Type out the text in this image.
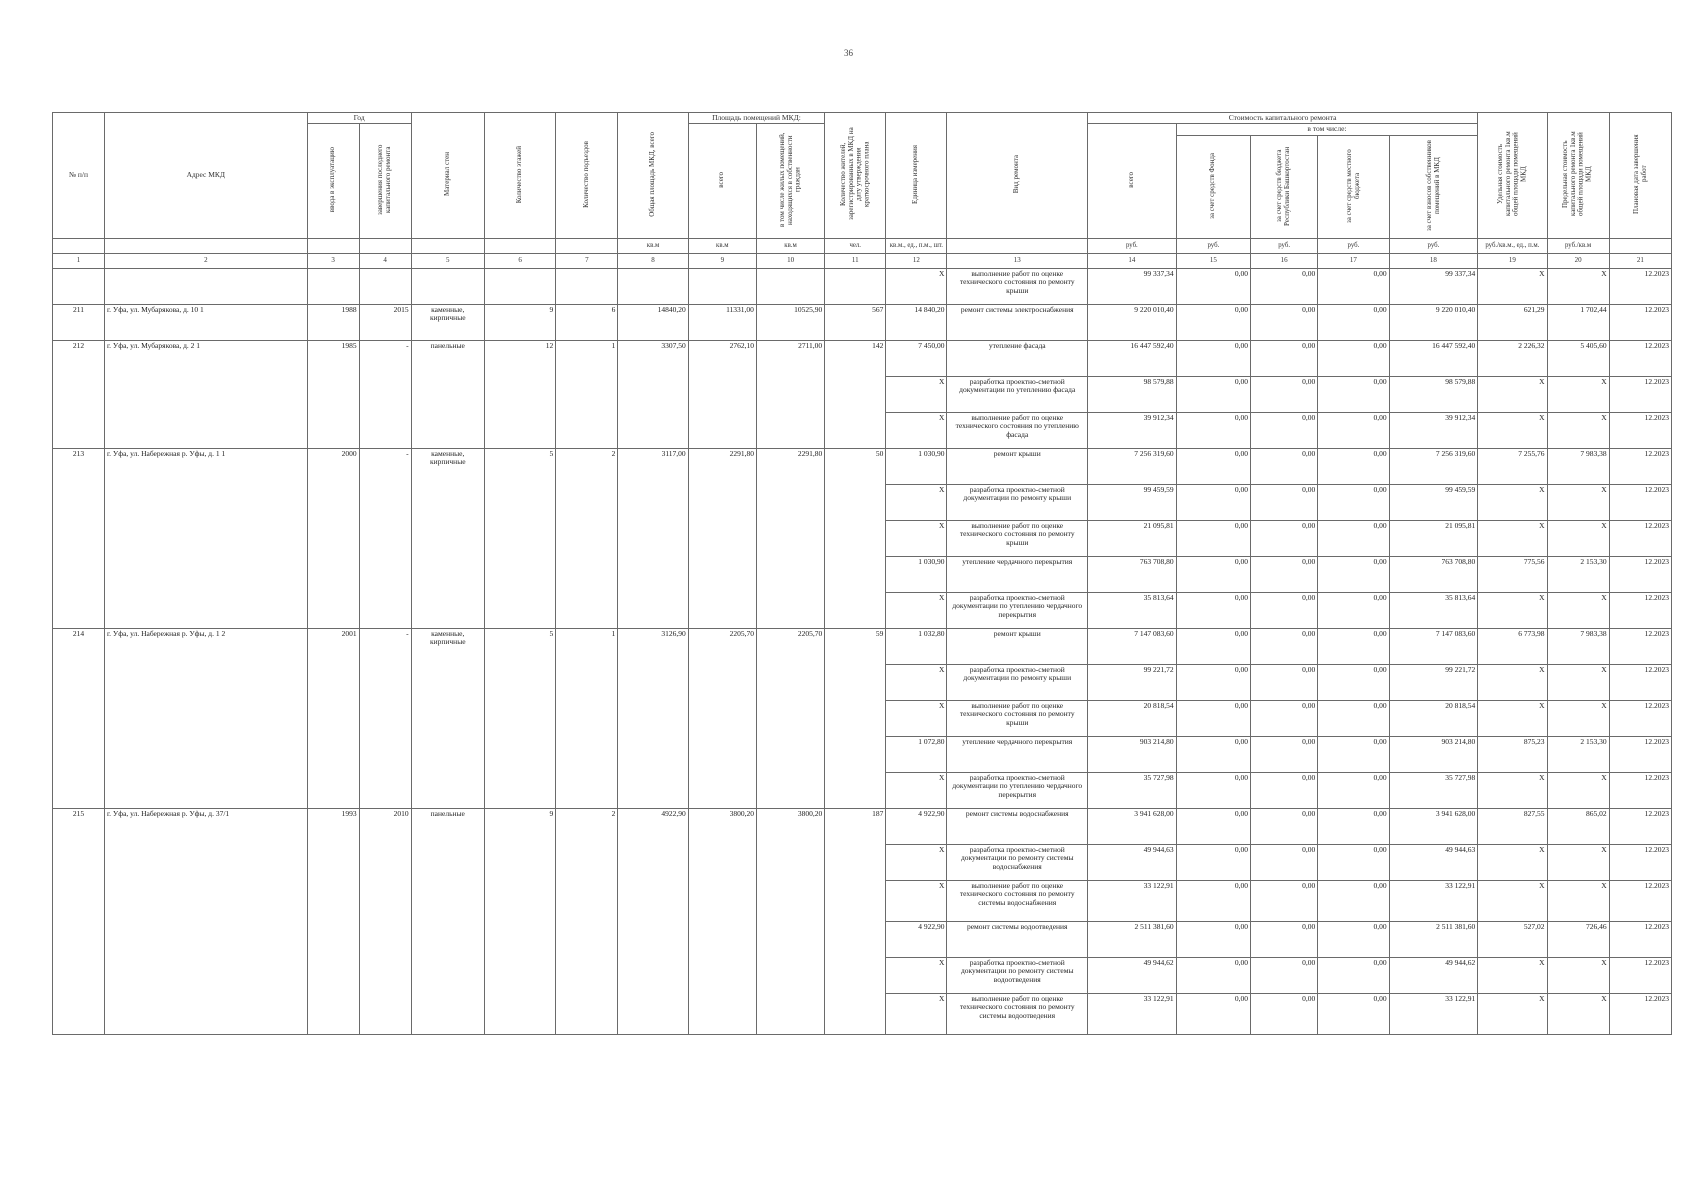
36
№ п/п	Адрес МКД	Год		Материал стен	Количество этажей	Количество подъездов	Общая площадь МКД, всего	Площадь помещений МКД:		Количество жителей, зарегистрированных в МКД на дату утверждения краткосрочного плана	Единица измерения	Вид ремонта	Стоимость капитального ремонта					Удельная стоимость капитального ремонта 1кв.м общей площади помещений МКД	Предельная стоимость капитального ремонта 1кв.м общей площади помещений МКД	Плановая дата завершения работ
		ввода в эксплуатацию	завершения последнего капитального ремонта					всего	в том числе жилых помещений, находящихся в собственности граждан				всего	в том числе:						
														за счет средств Фонда	за счет средств бюджета Республики Башкортостан	за счет средств местного бюджета	за счет взносов собственников помещений в МКД			
							кв.м	кв.м	кв.м	чел.	кв.м., ед., п.м., шт.		руб.	руб.	руб.	руб.	руб.	руб./кв.м., ед., п.м.	руб./кв.м	
1	2	3	4	5	6	7	8	9	10	11	12	13	14	15	16	17	18	19	20	21
											X	выполнение работ по оценке технического состояния по ремонту крыши	99 337,34	0,00	0,00	0,00	99 337,34	X	X	12.2023
211	г. Уфа, ул. Мубарякова, д. 10 1	1988	2015	каменные, кирпичные	9	6	14840,20	11331,00	10525,90	567	14 840,20	ремонт системы электроснабжения	9 220 010,40	0,00	0,00	0,00	9 220 010,40	621,29	1 702,44	12.2023
212	г. Уфа, ул. Мубарякова, д. 2 1	1985	-	панельные	12	1	3307,50	2762,10	2711,00	142	7 450,00	утепление фасада	16 447 592,40	0,00	0,00	0,00	16 447 592,40	2 226,32	5 405,60	12.2023
											X	разработка проектно-сметной документации по утеплению фасада	98 579,88	0,00	0,00	0,00	98 579,88	X	X	12.2023
											X	выполнение работ по оценке технического состояния по утеплению фасада	39 912,34	0,00	0,00	0,00	39 912,34	X	X	12.2023
213	г. Уфа, ул. Набережная р. Уфы, д. 1 1	2000	-	каменные, кирпичные	5	2	3117,00	2291,80	2291,80	50	1 030,90	ремонт крыши	7 256 319,60	0,00	0,00	0,00	7 256 319,60	7 255,76	7 983,38	12.2023
											X	разработка проектно-сметной документации по ремонту крыши	99 459,59	0,00	0,00	0,00	99 459,59	X	X	12.2023
											X	выполнение работ по оценке технического состояния по ремонту крыши	21 095,81	0,00	0,00	0,00	21 095,81	X	X	12.2023
											1 030,90	утепление чердачного перекрытия	763 708,80	0,00	0,00	0,00	763 708,80	775,56	2 153,30	12.2023
											X	разработка проектно-сметной документации по утеплению чердачного перекрытия	35 813,64	0,00	0,00	0,00	35 813,64	X	X	12.2023
214	г. Уфа, ул. Набережная р. Уфы, д. 1 2	2001	-	каменные, кирпичные	5	1	3126,90	2205,70	2205,70	59	1 032,80	ремонт крыши	7 147 083,60	0,00	0,00	0,00	7 147 083,60	6 773,98	7 983,38	12.2023
											X	разработка проектно-сметной документации по ремонту крыши	99 221,72	0,00	0,00	0,00	99 221,72	X	X	12.2023
											X	выполнение работ по оценке технического состояния по ремонту крыши	20 818,54	0,00	0,00	0,00	20 818,54	X	X	12.2023
											1 072,80	утепление чердачного перекрытия	903 214,80	0,00	0,00	0,00	903 214,80	875,23	2 153,30	12.2023
											X	разработка проектно-сметной документации по утеплению чердачного перекрытия	35 727,98	0,00	0,00	0,00	35 727,98	X	X	12.2023
215	г. Уфа, ул. Набережная р. Уфы, д. 37/1	1993	2010	панельные	9	2	4922,90	3800,20	3800,20	187	4 922,90	ремонт системы водоснабжения	3 941 628,00	0,00	0,00	0,00	3 941 628,00	827,55	865,02	12.2023
											X	разработка проектно-сметной документации по ремонту системы водоснабжения	49 944,63	0,00	0,00	0,00	49 944,63	X	X	12.2023
											X	выполнение работ по оценке технического состояния по ремонту системы водоснабжения	33 122,91	0,00	0,00	0,00	33 122,91	X	X	12.2023
											4 922,90	ремонт системы водоотведения	2 511 381,60	0,00	0,00	0,00	2 511 381,60	527,02	726,46	12.2023
											X	разработка проектно-сметной документации по ремонту системы водоотведения	49 944,62	0,00	0,00	0,00	49 944,62	X	X	12.2023
											X	выполнение работ по оценке технического состояния по ремонту системы водоотведения	33 122,91	0,00	0,00	0,00	33 122,91	X	X	12.2023
